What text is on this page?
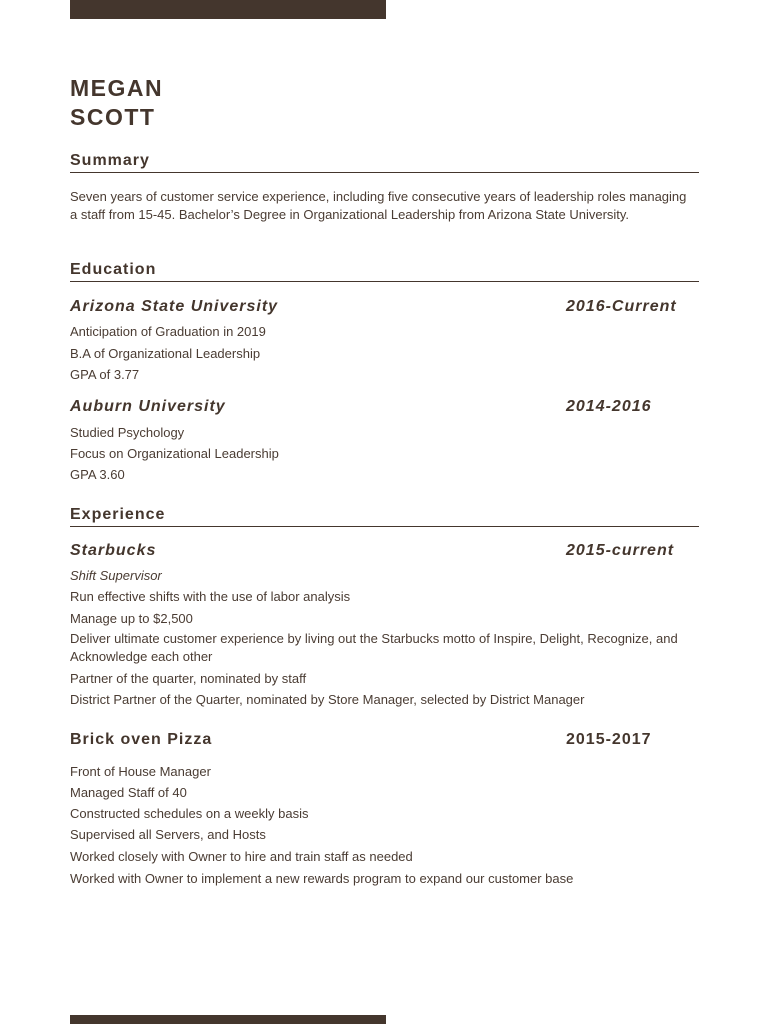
MEGAN
SCOTT
Summary
Seven years of customer service experience, including five consecutive years of leadership roles managing a staff from 15-45. Bachelor’s Degree in Organizational Leadership from Arizona State University.
Education
Arizona State University	2016-Current
Anticipation of Graduation in 2019
B.A of Organizational Leadership
GPA of 3.77
Auburn University	2014-2016
Studied Psychology
Focus on Organizational Leadership
GPA 3.60
Experience
Starbucks	2015-current
Shift Supervisor
Run effective shifts with the use of labor analysis
Manage up to $2,500
Deliver ultimate customer experience by living out the Starbucks motto of Inspire, Delight, Recognize, and Acknowledge each other
Partner of the quarter, nominated by staff
District Partner of the Quarter, nominated by Store Manager, selected by District Manager
Brick oven Pizza	2015-2017
Front of House Manager
Managed Staff of 40
Constructed schedules on a weekly basis
Supervised all Servers, and Hosts
Worked closely with Owner to hire and train staff as needed
Worked with Owner to implement a new rewards program to expand our customer base
